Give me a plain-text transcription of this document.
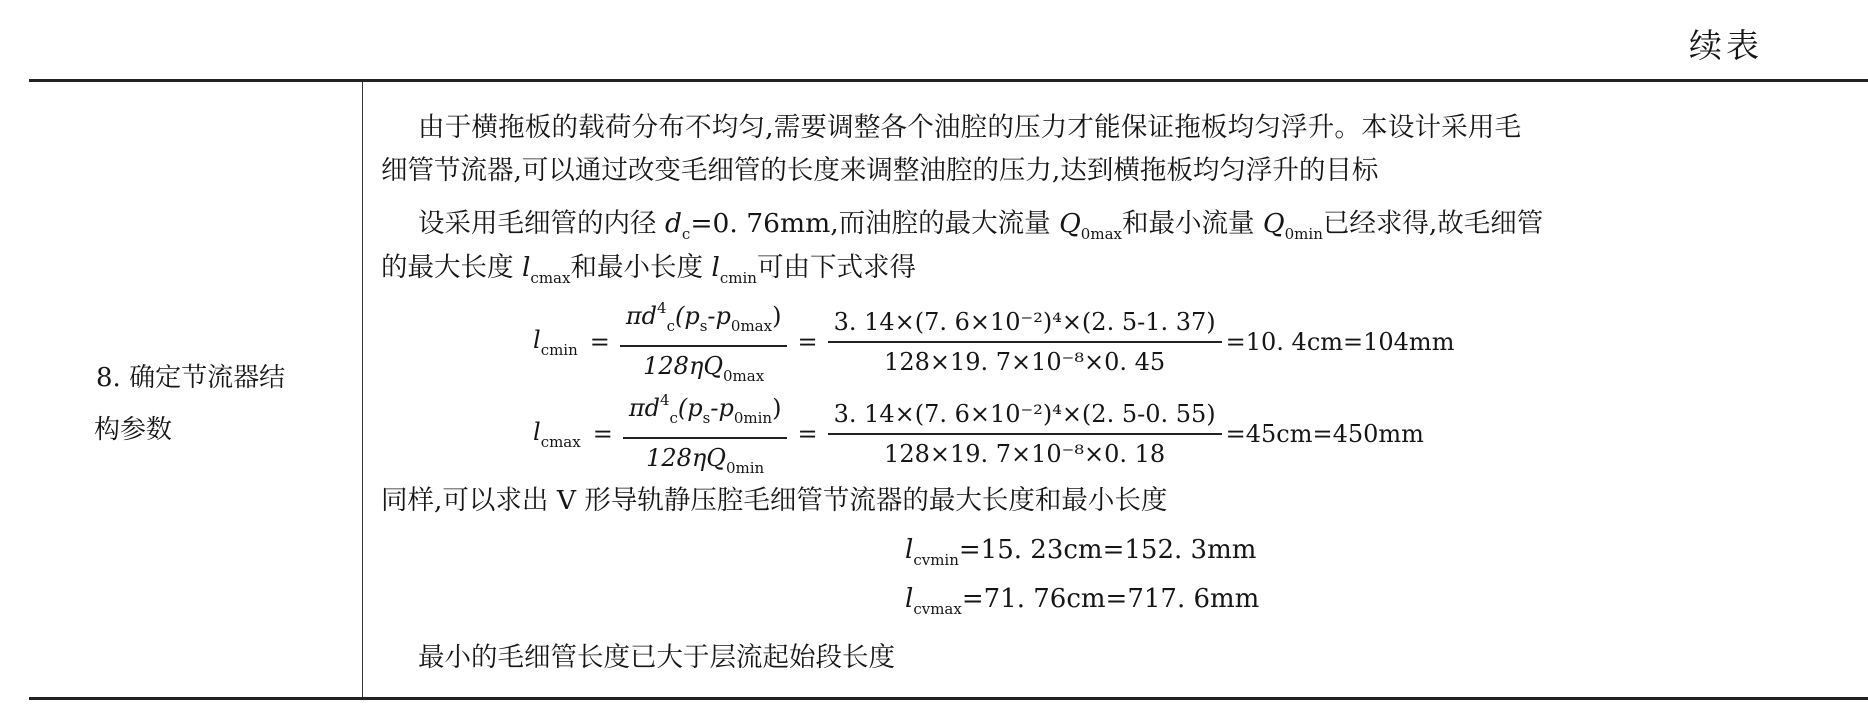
续表
8. 确定节流器结

构参数
由于横拖板的载荷分布不均匀,需要调整各个油腔的压力才能保证拖板均匀浮升。本设计采用毛
细管节流器,可以通过改变毛细管的长度来调整油腔的压力,达到横拖板均匀浮升的目标
设采用毛细管的内径 $d_c=0$. 76mm,而油腔的最大流量 $Q_{0max}$和最小流量 $Q_{0min}$已经求得,故毛细管
的最大长度 $l_{cmax}$和最小长度 $l_{cmin}$可由下式求得
$l_{cmin} = \frac{\pi d^4_c(p_s-p_{0max})}{128\eta Q_{0max}} = \frac{\text{3. 14×(7. 6×10⁻²)⁴×(2. 5-1. 37)}}{\text{128×19. 7×10⁻⁸×0. 45}} =10$. 4cm=104mm
$l_{cmax} = \frac{\pi d^4_c(p_s-p_{0min})}{128\eta Q_{0min}} = \frac{\text{3. 14×(7. 6×10⁻²)⁴×(2. 5-0. 55)}}{\text{128×19. 7×10⁻⁸×0. 18}} =45cm=450mm$
同样,可以求出 V 形导轨静压腔毛细管节流器的最大长度和最小长度
$l_{cvmin}=15$. 23cm=152. 3mm
$l_{cvmax}=71$. 76cm=717. 6mm
最小的毛细管长度已大于层流起始段长度
